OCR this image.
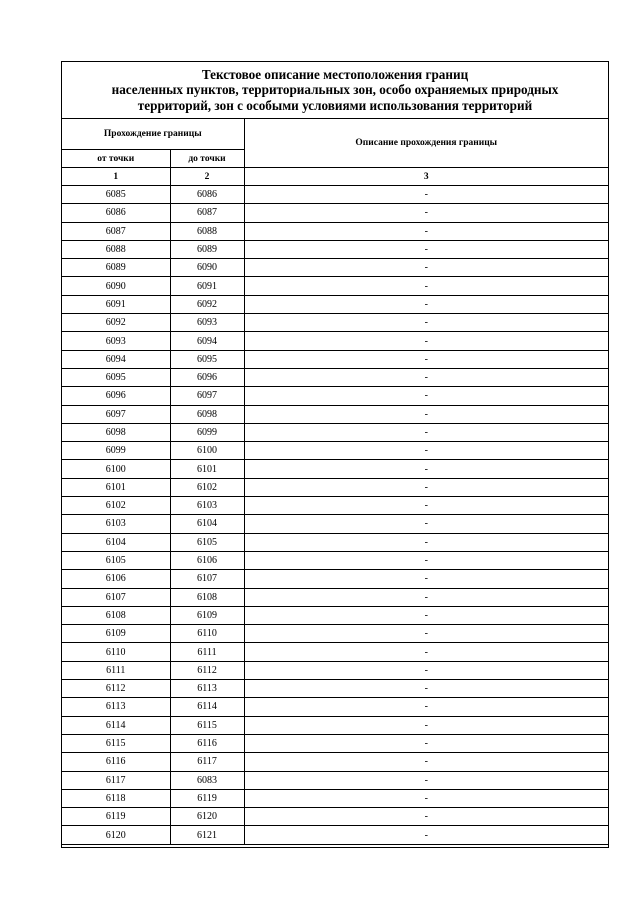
Текстовое описание местоположения границ
населенных пунктов, территориальных зон, особо охраняемых природных
территорий, зон с особыми условиями использования территорий
Прохождение границы		Описание прохождения границы
от точки	до точки	
1	2	3
6085	6086	-
6086	6087	-
6087	6088	-
6088	6089	-
6089	6090	-
6090	6091	-
6091	6092	-
6092	6093	-
6093	6094	-
6094	6095	-
6095	6096	-
6096	6097	-
6097	6098	-
6098	6099	-
6099	6100	-
6100	6101	-
6101	6102	-
6102	6103	-
6103	6104	-
6104	6105	-
6105	6106	-
6106	6107	-
6107	6108	-
6108	6109	-
6109	6110	-
6110	6111	-
6111	6112	-
6112	6113	-
6113	6114	-
6114	6115	-
6115	6116	-
6116	6117	-
6117	6083	-
6118	6119	-
6119	6120	-
6120	6121	-
